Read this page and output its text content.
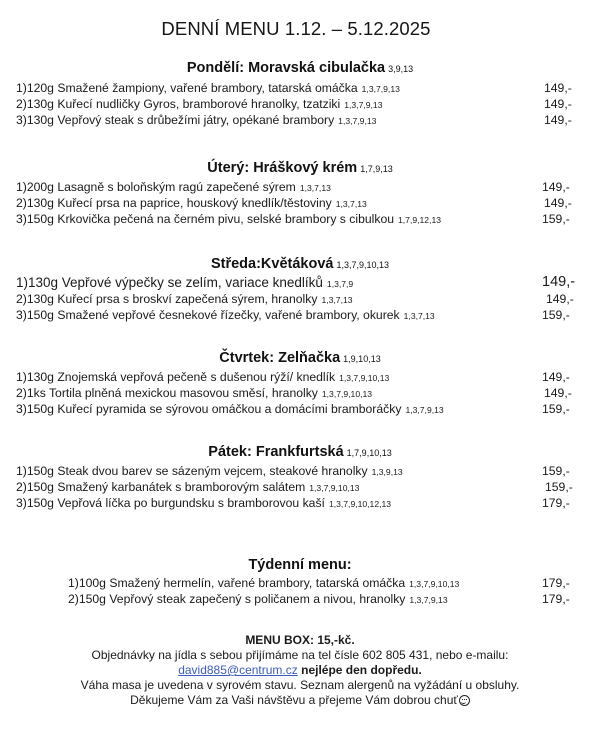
DENNÍ MENU 1.12. – 5.12.2025
Pondělí: Moravská cibulačka 3,9,13
1)120g Smažené žampiony, vařené brambory, tatarská omáčka 1,3,7,9,13	149,-
2)130g Kuřecí nudličky Gyros, bramborové hranolky, tzatziki 1,3,7,9,13	149,-
3)130g Vepřový steak s drůbežími játry, opékané brambory 1,3,7,9,13	149,-
Úterý: Hráškový krém 1,7,9,13
1)200g Lasagně s boloňským ragú zapečené sýrem 1,3,7,13	149,-
2)130g Kuřecí prsa na paprice, houskový knedlík/těstoviny 1,3,7,13	149,-
3)150g Krkovička pečená na černém pivu, selské brambory s cibulkou 1,7,9,12,13	159,-
Středa:Květáková 1,3,7,9,10,13
1)130g Vepřové výpečky se zelím, variace knedlíků 1,3,7,9	149,-
2)130g Kuřecí prsa s broskví zapečená sýrem, hranolky 1,3,7,13	149,-
3)150g Smažené vepřové česnekové řízečky, vařené brambory, okurek 1,3,7,13	159,-
Čtvrtek: Zelňačka 1,9,10,13
1)130g Znojemská vepřová pečeně s dušenou rýží/ knedlík 1,3,7,9,10,13	149,-
2)1ks Tortila plněná mexickou masovou směsí, hranolky 1,3,7,9,10,13	149,-
3)150g Kuřecí pyramida se sýrovou omáčkou a domácími bramboráčky 1,3,7,9,13	159,-
Pátek: Frankfurtská 1,7,9,10,13
1)150g Steak dvou barev se sázeným vejcem, steakové hranolky 1,3,9,13	159,-
2)150g Smažený karbanátek s bramborovým salátem 1,3,7,9,10,13	159,-
3)150g Vepřová líčka po burgundsku s bramborovou kaší 1,3,7,9,10,12,13	179,-
Týdenní menu:
1)100g Smažený hermelín, vařené brambory, tatarská omáčka 1,3,7,9,10,13	179,-
2)150g Vepřový steak zapečený s poličanem a nivou, hranolky 1,3,7,9,13	179,-
MENU BOX: 15,-kč.
Objednávky na jídla s sebou přijímáme na tel čísle 602 805 431, nebo e-mailu:
david885@centrum.cz nejlépe den dopředu.
Váha masa je uvedena v syrovém stavu. Seznam alergenů na vyžádání u obsluhy.
Děkujeme Vám za Vaši návštěvu a přejeme Vám dobrou chuť
